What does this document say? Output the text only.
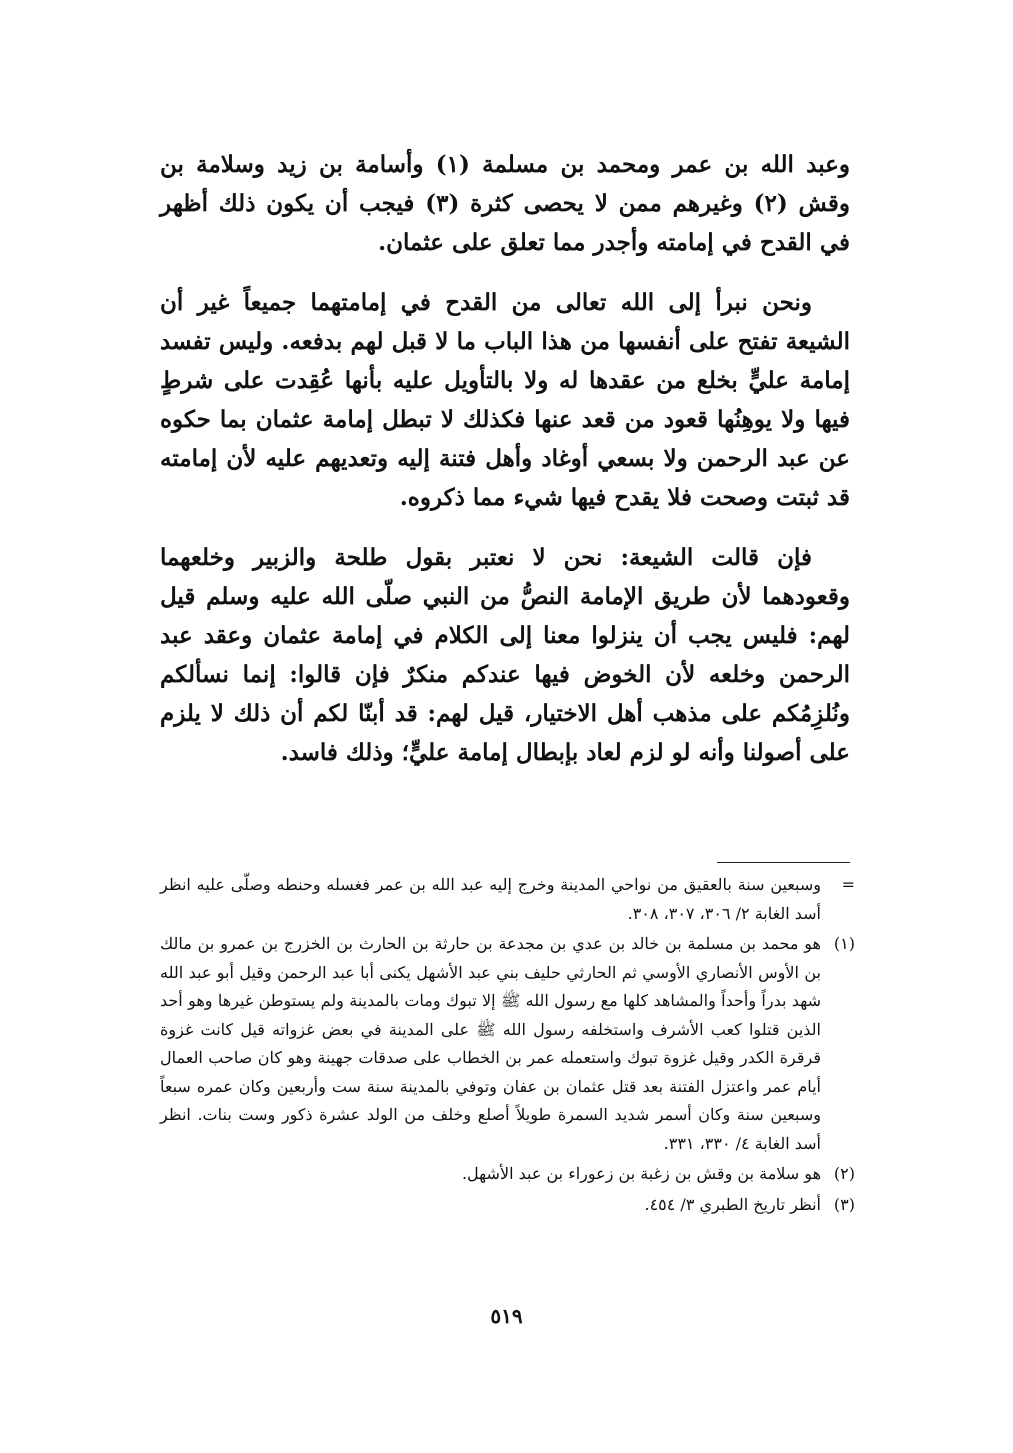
وعبد الله بن عمر ومحمد بن مسلمة (١) وأسامة بن زيد وسلامة بن وقش (٢) وغيرهم ممن لا يحصى كثرة (٣) فيجب أن يكون ذلك أظهر في القدح في إمامته وأجدر مما تعلق على عثمان.

ونحن نبرأ إلى الله تعالى من القدح في إمامتهما جميعاً غير أن الشيعة تفتح على أنفسها من هذا الباب ما لا قبل لهم بدفعه. وليس تفسد إمامة عليٍّ بخلع من عقدها له ولا بالتأويل عليه بأنها عُقِدت على شرطٍ فيها ولا يوهِنُها قعود من قعد عنها فكذلك لا تبطل إمامة عثمان بما حكوه عن عبد الرحمن ولا بسعي أوغاد وأهل فتنة إليه وتعديهم عليه لأن إمامته قد ثبتت وصحت فلا يقدح فيها شيء مما ذكروه.

فإن قالت الشيعة: نحن لا نعتبر بقول طلحة والزبير وخلعهما وقعودهما لأن طريق الإمامة النصُّ من النبي صلّى الله عليه وسلم قيل لهم: فليس يجب أن ينزلوا معنا إلى الكلام في إمامة عثمان وعقد عبد الرحمن وخلعه لأن الخوض فيها عندكم منكرٌ فإن قالوا: إنما نسألكم ونُلزِمُكم على مذهب أهل الاختيار، قيل لهم: قد أبنّا لكم أن ذلك لا يلزم على أصولنا وأنه لو لزم لعاد بإبطال إمامة عليٍّ؛ وذلك فاسد.

=
وسبعين سنة بالعقيق من نواحي المدينة وخرج إليه عبد الله بن عمر فغسله وحنطه وصلّى عليه انظر أسد الغابة ٢/ ٣٠٦، ٣٠٧، ٣٠٨.
(١)
هو محمد بن مسلمة بن خالد بن عدي بن مجدعة بن حارثة بن الحارث بن الخزرج بن عمرو بن مالك بن الأوس الأنصاري الأوسي ثم الحارثي حليف بني عبد الأشهل يكنى أبا عبد الرحمن وقيل أبو عبد الله شهد بدراً وأحداً والمشاهد كلها مع رسول الله ﷺ إلا تبوك ومات بالمدينة ولم يستوطن غيرها وهو أحد الذين قتلوا كعب الأشرف واستخلفه رسول الله ﷺ على المدينة في بعض غزواته قيل كانت غزوة قرقرة الكدر وقيل غزوة تبوك واستعمله عمر بن الخطاب على صدقات جهينة وهو كان صاحب العمال أيام عمر واعتزل الفتنة بعد قتل عثمان بن عفان وتوفي بالمدينة سنة ست وأربعين وكان عمره سبعاً وسبعين سنة وكان أسمر شديد السمرة طويلاً أصلع وخلف من الولد عشرة ذكور وست بنات. انظر أسد الغابة ٤/ ٣٣٠، ٣٣١.
(٢)
هو سلامة بن وقش بن زغبة بن زعوراء بن عبد الأشهل.
(٣)
أنظر تاريخ الطبري ٣/ ٤٥٤.
٥١٩
